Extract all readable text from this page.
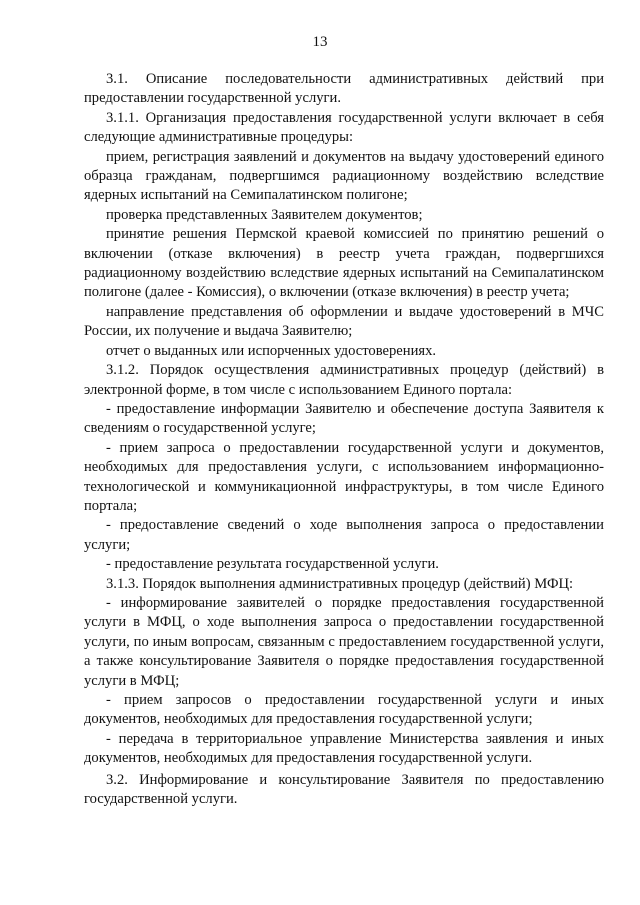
13

3.1. Описание последовательности административных действий при предоставлении государственной услуги.

3.1.1. Организация предоставления государственной услуги включает в себя следующие административные процедуры:

прием, регистрация заявлений и документов на выдачу удостоверений единого образца гражданам, подвергшимся радиационному воздействию вследствие ядерных испытаний на Семипалатинском полигоне;

проверка представленных Заявителем документов;

принятие решения Пермской краевой комиссией по принятию решений о включении (отказе включения) в реестр учета граждан, подвергшихся радиационному воздействию вследствие ядерных испытаний на Семипалатинском полигоне (далее - Комиссия), о включении (отказе включения) в реестр учета;

направление представления об оформлении и выдаче удостоверений в МЧС России, их получение и выдача Заявителю;

отчет о выданных или испорченных удостоверениях.

3.1.2. Порядок осуществления административных процедур (действий) в электронной форме, в том числе с использованием Единого портала:

- предоставление информации Заявителю и обеспечение доступа Заявителя к сведениям о государственной услуге;

- прием запроса о предоставлении государственной услуги и документов, необходимых для предоставления услуги, с использованием информационно-технологической и коммуникационной инфраструктуры, в том числе Единого портала;

- предоставление сведений о ходе выполнения запроса о предоставлении услуги;

- предоставление результата государственной услуги.

3.1.3. Порядок выполнения административных процедур (действий) МФЦ:

- информирование заявителей о порядке предоставления государственной услуги в МФЦ, о ходе выполнения запроса о предоставлении государственной услуги, по иным вопросам, связанным с предоставлением государственной услуги, а также консультирование Заявителя о порядке предоставления государственной услуги в МФЦ;

- прием запросов о предоставлении государственной услуги и иных документов, необходимых для предоставления государственной услуги;

- передача в территориальное управление Министерства заявления и иных документов, необходимых для предоставления государственной услуги.

3.2. Информирование и консультирование Заявителя по предоставлению государственной услуги.
